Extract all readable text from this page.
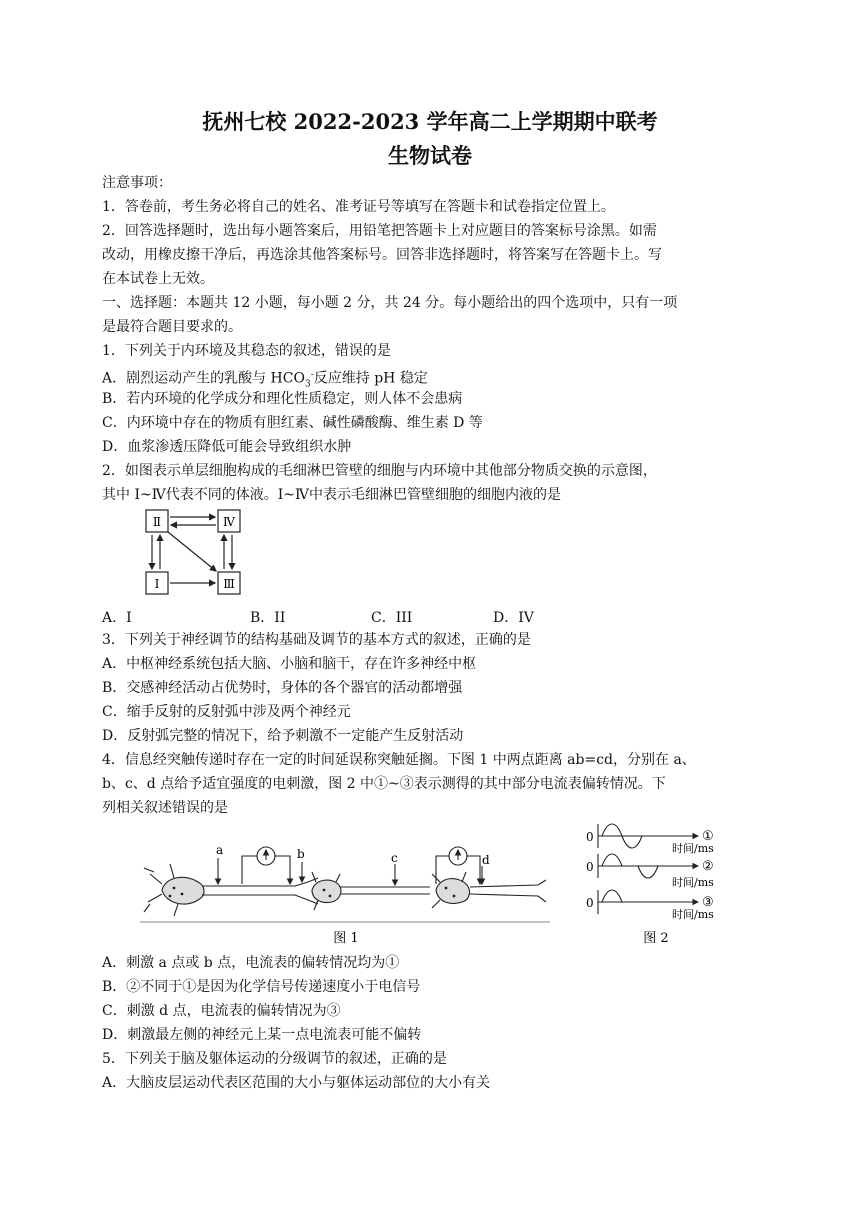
抚州七校 2022-2023 学年高二上学期期中联考
生物试卷
注意事项：
1．答卷前，考生务必将自己的姓名、准考证号等填写在答题卡和试卷指定位置上。
2．回答选择题时，选出每小题答案后，用铅笔把答题卡上对应题目的答案标号涂黑。如需
改动，用橡皮擦干净后，再选涂其他答案标号。回答非选择题时，将答案写在答题卡上。写
在本试卷上无效。
一、选择题：本题共 12 小题，每小题 2 分，共 24 分。每小题给出的四个选项中，只有一项
是最符合题目要求的。
1．下列关于内环境及其稳态的叙述，错误的是
A．剧烈运动产生的乳酸与 $HCO_3^-$反应维持 pH 稳定
B．若内环境的化学成分和理化性质稳定，则人体不会患病
C．内环境中存在的物质有胆红素、碱性磷酸酶、维生素 D 等
D．血浆渗透压降低可能会导致组织水肿
2．如图表示单层细胞构成的毛细淋巴管壁的细胞与内环境中其他部分物质交换的示意图，
其中 I~Ⅳ代表不同的体液。I~Ⅳ中表示毛细淋巴管壁细胞的细胞内液的是
Ⅱ	Ⅳ
Ⅰ	Ⅲ
A．I	B．II	C．III	D．IV
3．下列关于神经调节的结构基础及调节的基本方式的叙述，正确的是
A．中枢神经系统包括大脑、小脑和脑干，存在许多神经中枢
B．交感神经活动占优势时，身体的各个器官的活动都增强
C．缩手反射的反射弧中涉及两个神经元
D．反射弧完整的情况下，给予刺激不一定能产生反射活动
4．信息经突触传递时存在一定的时间延误称突触延搁。下图 1 中两点距离 ab=cd，分别在 a、
b、c、d 点给予适宜强度的电刺激，图 2 中①~③表示测得的其中部分电流表偏转情况。下
列相关叙述错误的是
a	b	c	d
图 1
0
0
0
①
②
③
时间/ms
时间/ms
时间/ms
图 2
A．刺激 a 点或 b 点，电流表的偏转情况均为①
B．②不同于①是因为化学信号传递速度小于电信号
C．刺激 d 点，电流表的偏转情况为③
D．刺激最左侧的神经元上某一点电流表可能不偏转
5．下列关于脑及躯体运动的分级调节的叙述，正确的是
A．大脑皮层运动代表区范围的大小与躯体运动部位的大小有关
